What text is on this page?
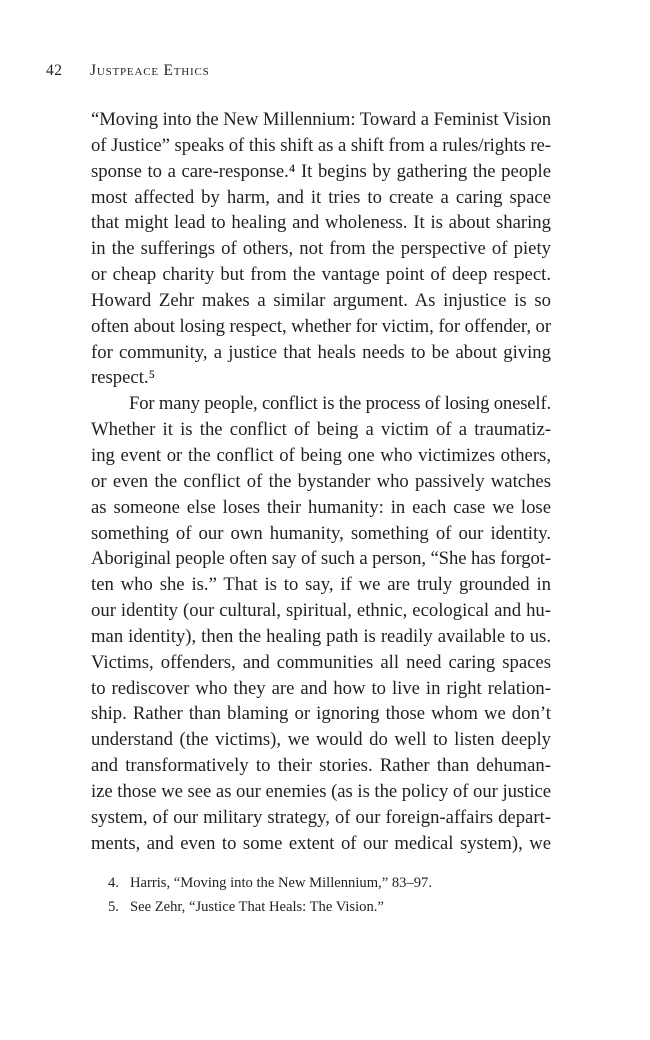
42 Justpeace Ethics
“Moving into the New Millennium: Toward a Feminist Vision
of Justice” speaks of this shift as a shift from a rules/rights re-
sponse to a care-response.⁴ It begins by gathering the people
most affected by harm, and it tries to create a caring space
that might lead to healing and wholeness. It is about sharing
in the sufferings of others, not from the perspective of piety
or cheap charity but from the vantage point of deep respect.
Howard Zehr makes a similar argument. As injustice is so
often about losing respect, whether for victim, for offender, or
for community, a justice that heals needs to be about giving
respect.⁵
For many people, conflict is the process of losing oneself.
Whether it is the conflict of being a victim of a traumatiz-
ing event or the conflict of being one who victimizes others,
or even the conflict of the bystander who passively watches
as someone else loses their humanity: in each case we lose
something of our own humanity, something of our identity.
Aboriginal people often say of such a person, “She has forgot-
ten who she is.” That is to say, if we are truly grounded in
our identity (our cultural, spiritual, ethnic, ecological and hu-
man identity), then the healing path is readily available to us.
Victims, offenders, and communities all need caring spaces
to rediscover who they are and how to live in right relation-
ship. Rather than blaming or ignoring those whom we don’t
understand (the victims), we would do well to listen deeply
and transformatively to their stories. Rather than dehuman-
ize those we see as our enemies (as is the policy of our justice
system, of our military strategy, of our foreign-affairs depart-
ments, and even to some extent of our medical system), we
4. Harris, “Moving into the New Millennium,” 83–97.
5. See Zehr, “Justice That Heals: The Vision.”
